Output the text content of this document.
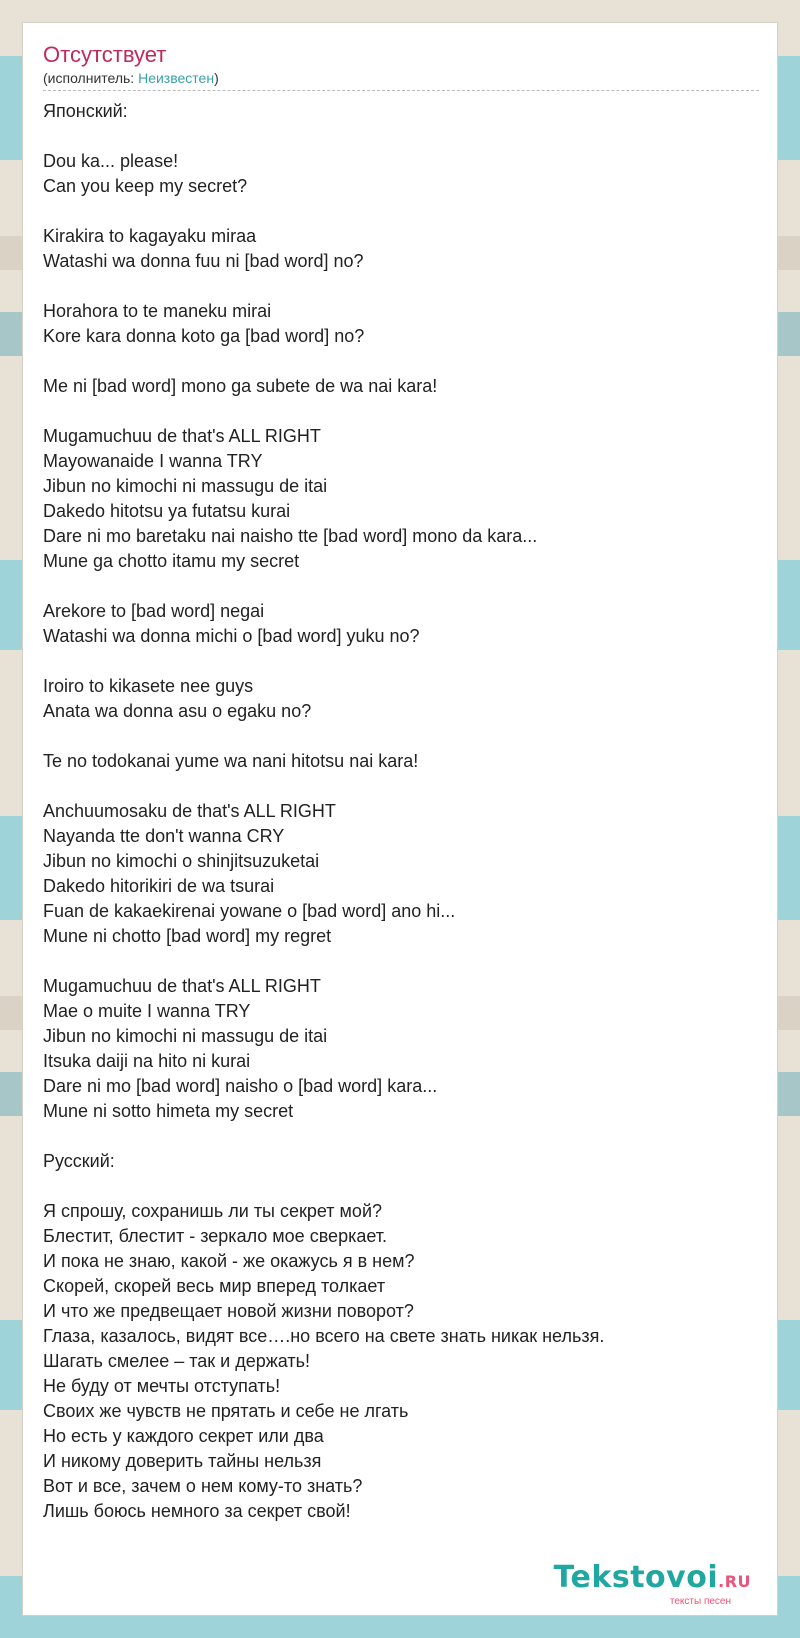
Отсутствует
(исполнитель: Неизвестен)
Японский:
Dou ka... please!
Can you keep my secret?
Kirakira to kagayaku miraa
Watashi wa donna fuu ni [bad word] no?
Horahora to te maneku mirai
Kore kara donna koto ga [bad word] no?
Me ni [bad word] mono ga subete de wa nai kara!
Mugamuchuu de that's ALL RIGHT
Mayowanaide I wanna TRY
Jibun no kimochi ni massugu de itai
Dakedo hitotsu ya futatsu kurai
Dare ni mo baretaku nai naisho tte [bad word] mono da kara...
Mune ga chotto itamu my secret
Arekore to [bad word] negai
Watashi wa donna michi o [bad word] yuku no?
Iroiro to kikasete nee guys
Anata wa donna asu o egaku no?
Te no todokanai yume wa nani hitotsu nai kara!
Anchuumosaku de that's ALL RIGHT
Nayanda tte don't wanna CRY
Jibun no kimochi o shinjitsuzuketai
Dakedo hitorikiri de wa tsurai
Fuan de kakaekirenai yowane o [bad word] ano hi...
Mune ni chotto [bad word] my regret
Mugamuchuu de that's ALL RIGHT
Mae o muite I wanna TRY
Jibun no kimochi ni massugu de itai
Itsuka daiji na hito ni kurai
Dare ni mo [bad word] naisho o [bad word] kara...
Mune ni sotto himeta my secret
Русский:
Я спрошу, сохранишь ли ты секрет мой?
Блестит, блестит - зеркало мое сверкает.
И пока не знаю, какой - же окажусь я в нем?
Скорей, скорей весь мир вперед толкает
И что же предвещает новой жизни поворот?
Глаза, казалось, видят все….но всего на свете знать никак нельзя.
Шагать смелее – так и держать!
Не буду от мечты отступать!
Своих же чувств не прятать и себе не лгать
Но есть у каждого секрет или два
И никому доверить тайны нельзя
Вот и все, зачем о нем кому-то знать?
Лишь боюсь немного за секрет свой!
Tekstovoi.RU
тексты песен
